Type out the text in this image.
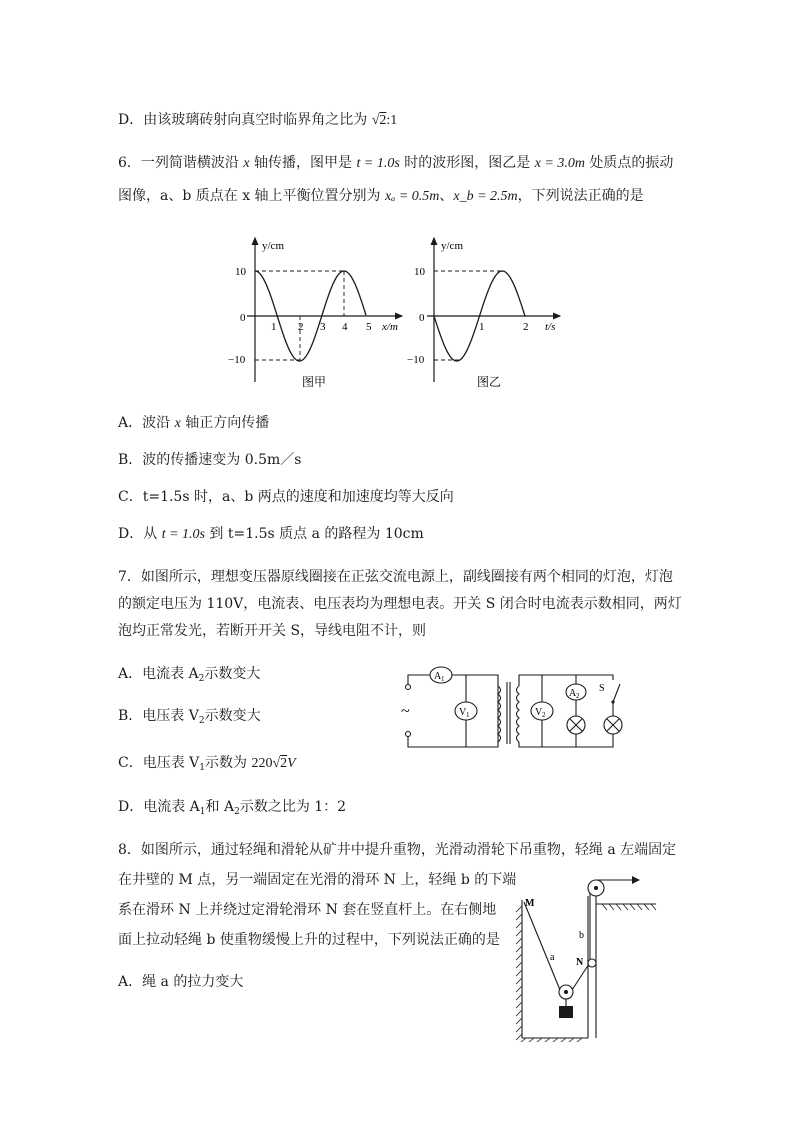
D．由该玻璃砖射向真空时临界角之比为 √2:1
6．一列简谐横波沿 x 轴传播，图甲是 t = 1.0s 时的波形图，图乙是 x = 3.0m 处质点的振动
图像，a、b 质点在 x 轴上平衡位置分别为 xₐ = 0.5m、x_b = 2.5m，下列说法正确的是
y/cm
x/m
10
0
−10
1 2 3 4 5
图甲
y/cm
t/s
10
0
−10
1	2
图乙
A．波沿 x 轴正方向传播
B．波的传播速变为 0.5m／s
C．t=1.5s 时，a、b 两点的速度和加速度均等大反向
D．从 t = 1.0s 到 t=1.5s 质点 a 的路程为 10cm
7．如图所示，理想变压器原线圈接在正弦交流电源上，副线圈接有两个相同的灯泡，灯泡
的额定电压为 110V，电流表、电压表均为理想电表。开关 S 闭合时电流表示数相同，两灯
泡均正常发光，若断开开关 S，导线电阻不计，则
A．电流表 $A_2$示数变大
B．电压表 $V_2$示数变大
C．电压表 $V_1$示数为 220√2V
D．电流表 $A_1$和 $A_2$示数之比为 1：2
A 1
V 1	V 2
A 2
S
~
8．如图所示，通过轻绳和滑轮从矿井中提升重物，光滑动滑轮下吊重物，轻绳 a 左端固定
在井壁的 M 点，另一端固定在光滑的滑环 N 上，轻绳 b 的下端
系在滑环 N 上并绕过定滑轮滑环 N 套在竖直杆上。在右侧地
面上拉动轻绳 b 使重物缓慢上升的过程中，下列说法正确的是
A．绳 a 的拉力变大
M
N
a
b
